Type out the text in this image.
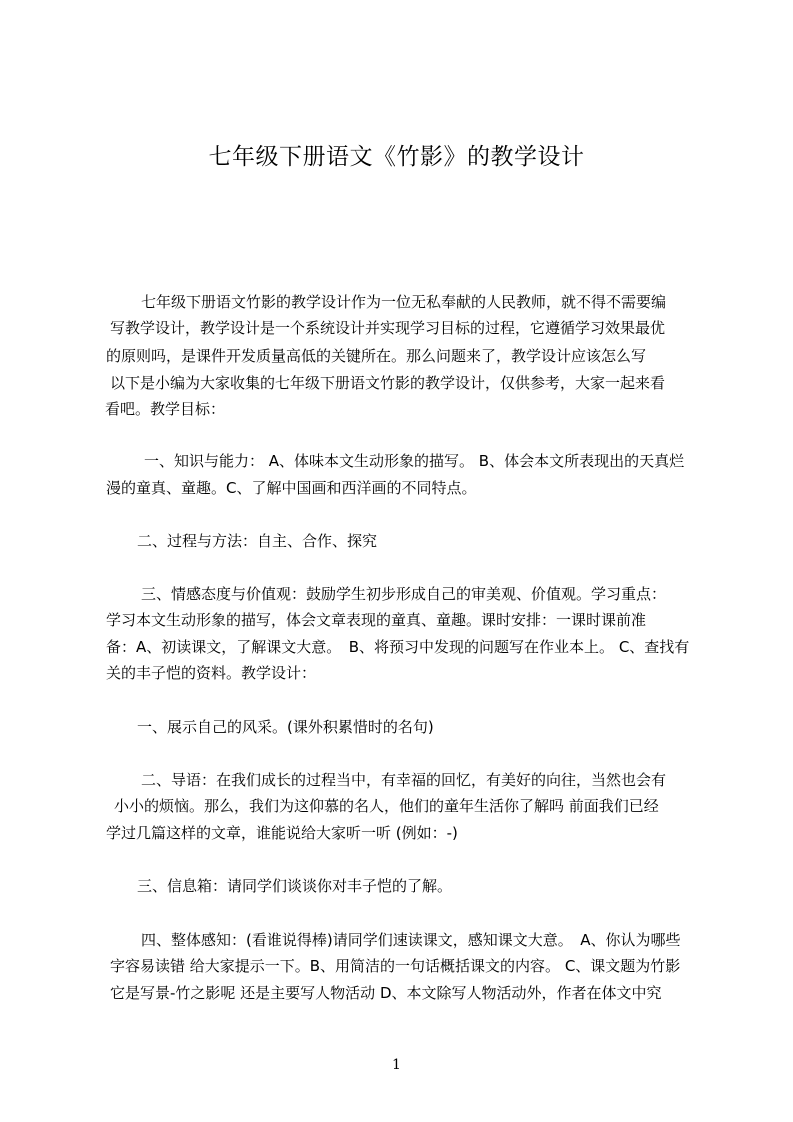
七年级下册语文《竹影》的教学设计
七年级下册语文竹影的教学设计作为一位无私奉献的人民教师，就不得不需要编
写教学设计，教学设计是一个系统设计并实现学习目标的过程，它遵循学习效果最优
的原则吗，是课件开发质量高低的关键所在。那么问题来了，教学设计应该怎么写
以下是小编为大家收集的七年级下册语文竹影的教学设计，仅供参考，大家一起来看
看吧。教学目标：
一、知识与能力： A、体味本文生动形象的描写。 B、体会本文所表现出的天真烂
漫的童真、童趣。C、了解中国画和西洋画的不同特点。
二、过程与方法：自主、合作、探究
三、情感态度与价值观：鼓励学生初步形成自己的审美观、价值观。学习重点：
学习本文生动形象的描写，体会文章表现的童真、童趣。课时安排：一课时课前准
备：A、初读课文，了解课文大意。　B、将预习中发现的问题写在作业本上。 C、查找有
关的丰子恺的资料。教学设计：
一、展示自己的风采。(课外积累惜时的名句)
二、导语：在我们成长的过程当中，有幸福的回忆，有美好的向往，当然也会有
小小的烦恼。那么，我们为这仰慕的名人，他们的童年生活你了解吗 前面我们已经
学过几篇这样的文章，谁能说给大家听一听 (例如：-)
三、信息箱：请同学们谈谈你对丰子恺的了解。
四、整体感知：(看谁说得棒)请同学们速读课文，感知课文大意。　A、你认为哪些
字容易读错 给大家提示一下。B、用简洁的一句话概括课文的内容。 C、课文题为竹影
它是写景-竹之影呢 还是主要写人物活动 D、本文除写人物活动外，作者在体文中究
1
